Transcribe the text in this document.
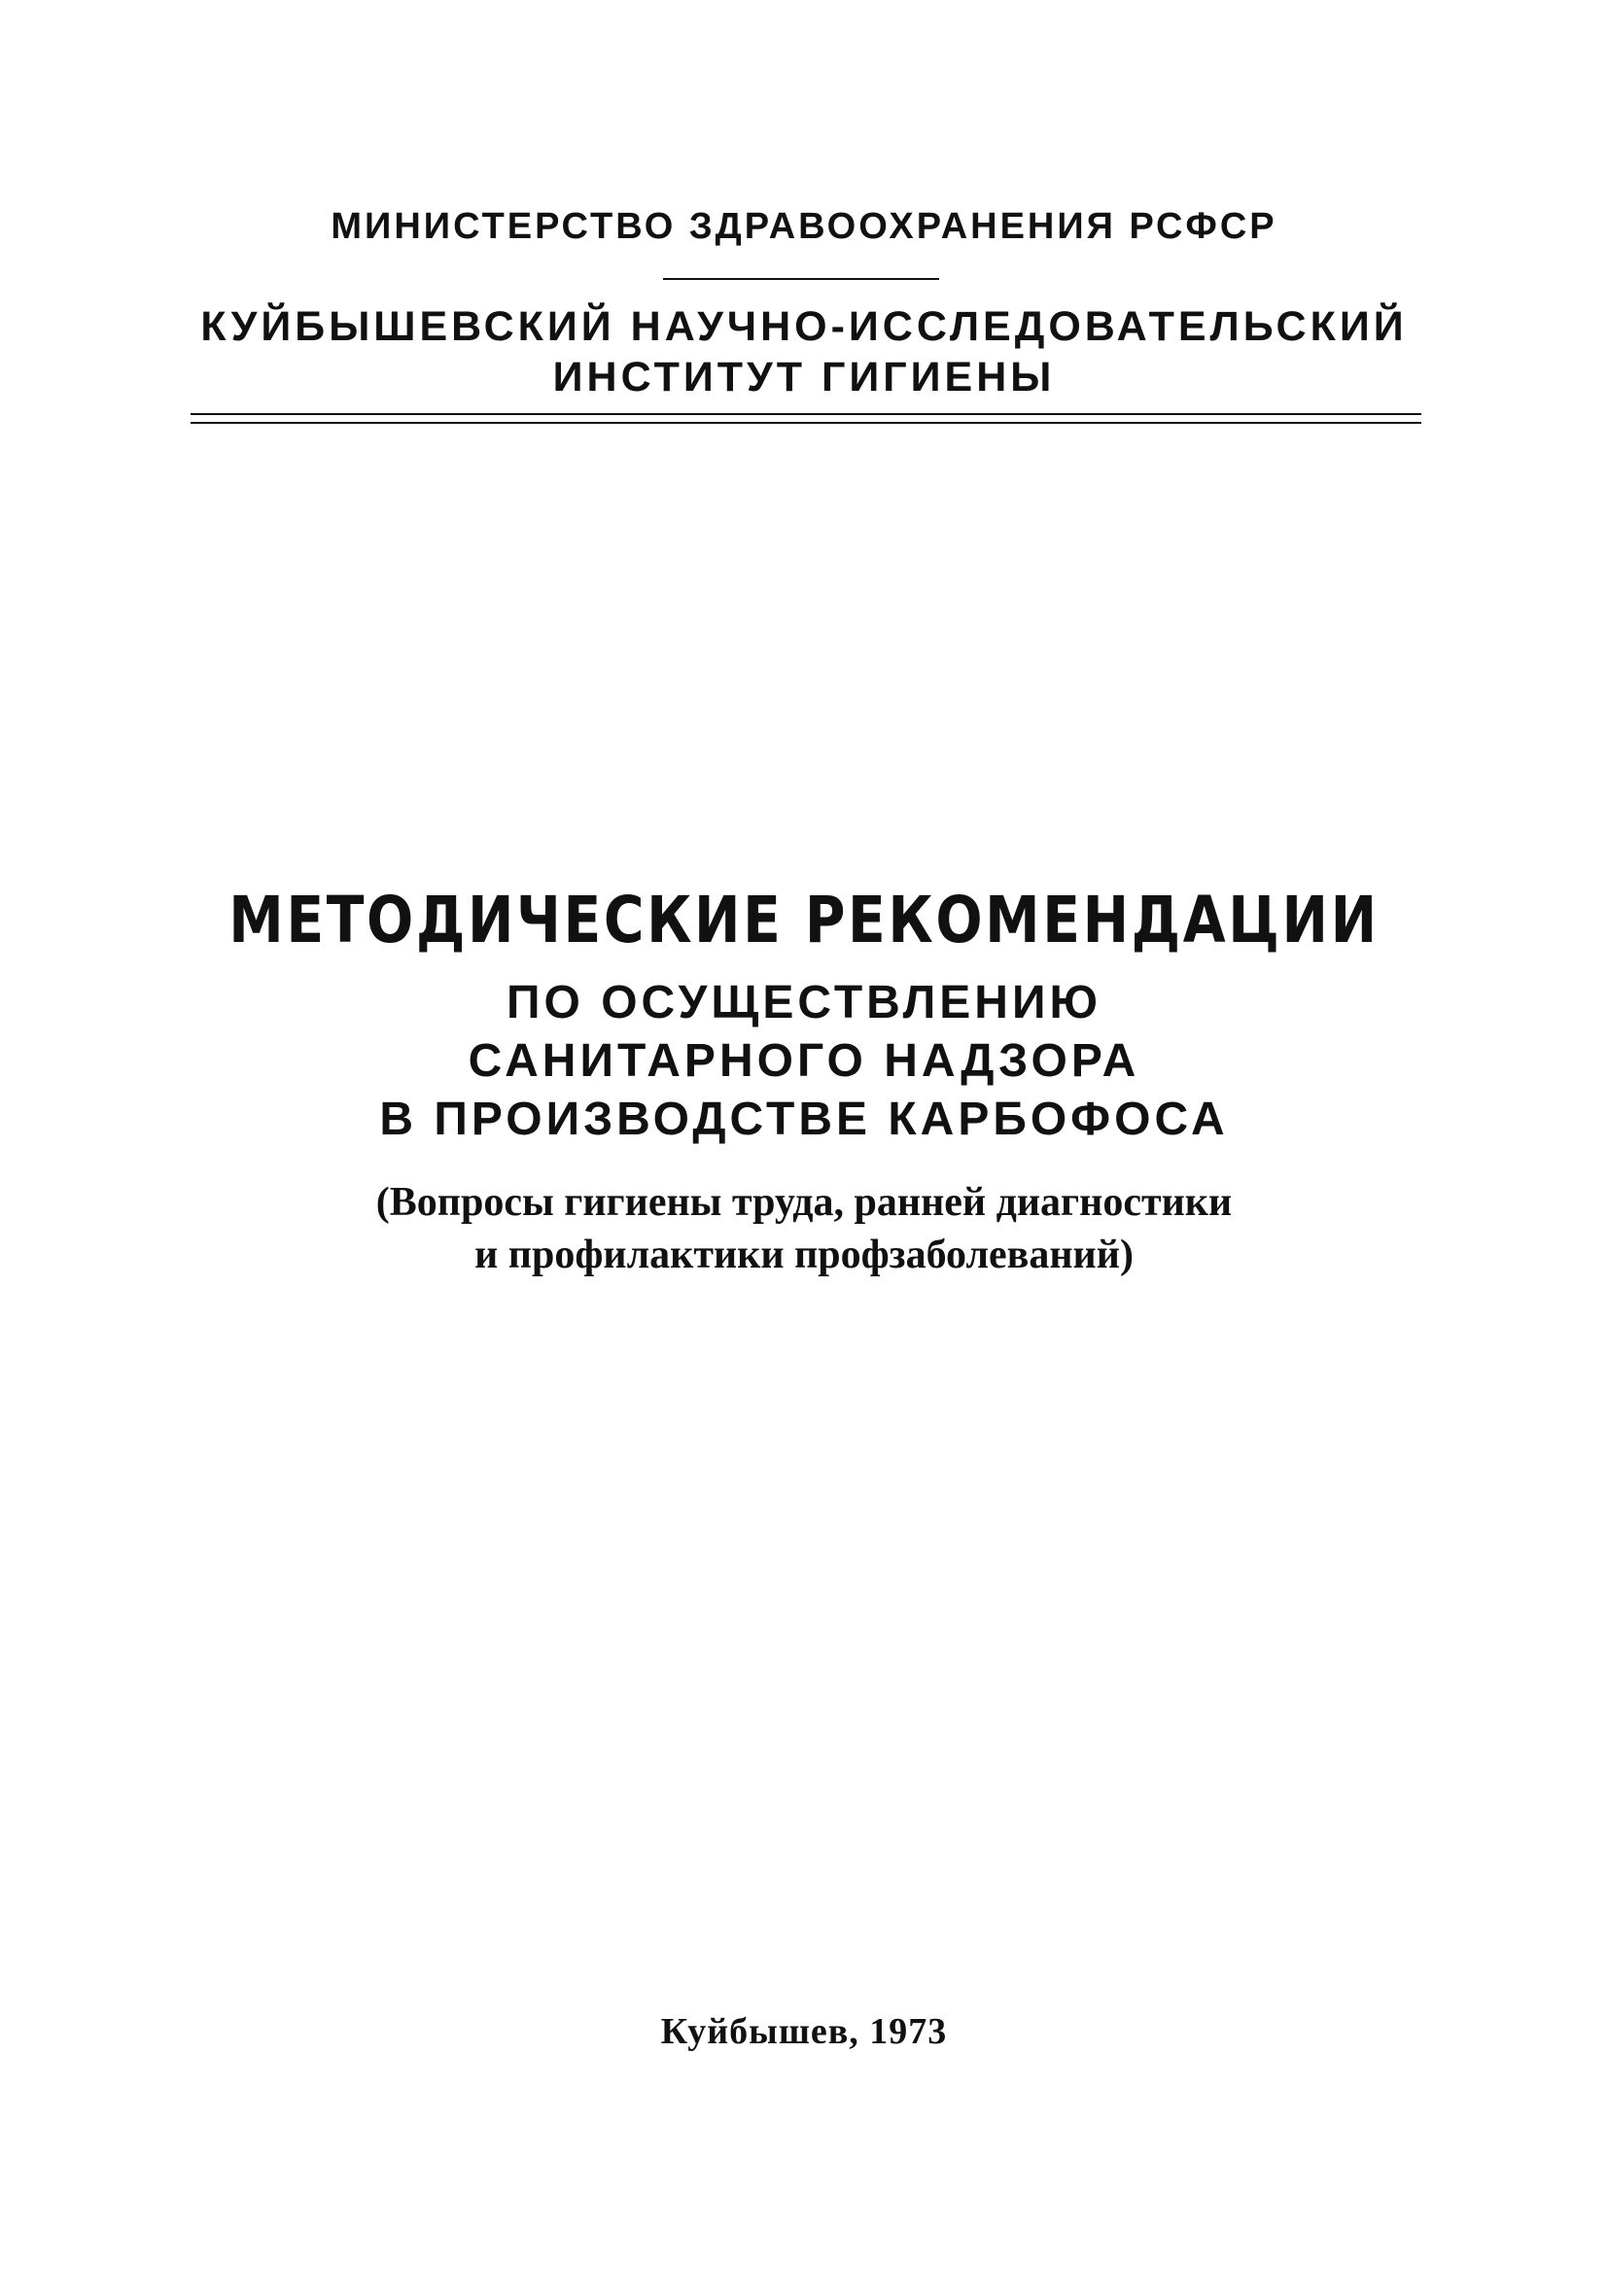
МИНИСТЕРСТВО ЗДРАВООХРАНЕНИЯ РСФСР
КУЙБЫШЕВСКИЙ НАУЧНО-ИССЛЕДОВАТЕЛЬСКИЙ
ИНСТИТУТ ГИГИЕНЫ
МЕТОДИЧЕСКИЕ РЕКОМЕНДАЦИИ
ПО ОСУЩЕСТВЛЕНИЮ
САНИТАРНОГО НАДЗОРА
В ПРОИЗВОДСТВЕ КАРБОФОСА
(Вопросы гигиены труда, ранней диагностики
и профилактики профзаболеваний)
Куйбышев, 1973
